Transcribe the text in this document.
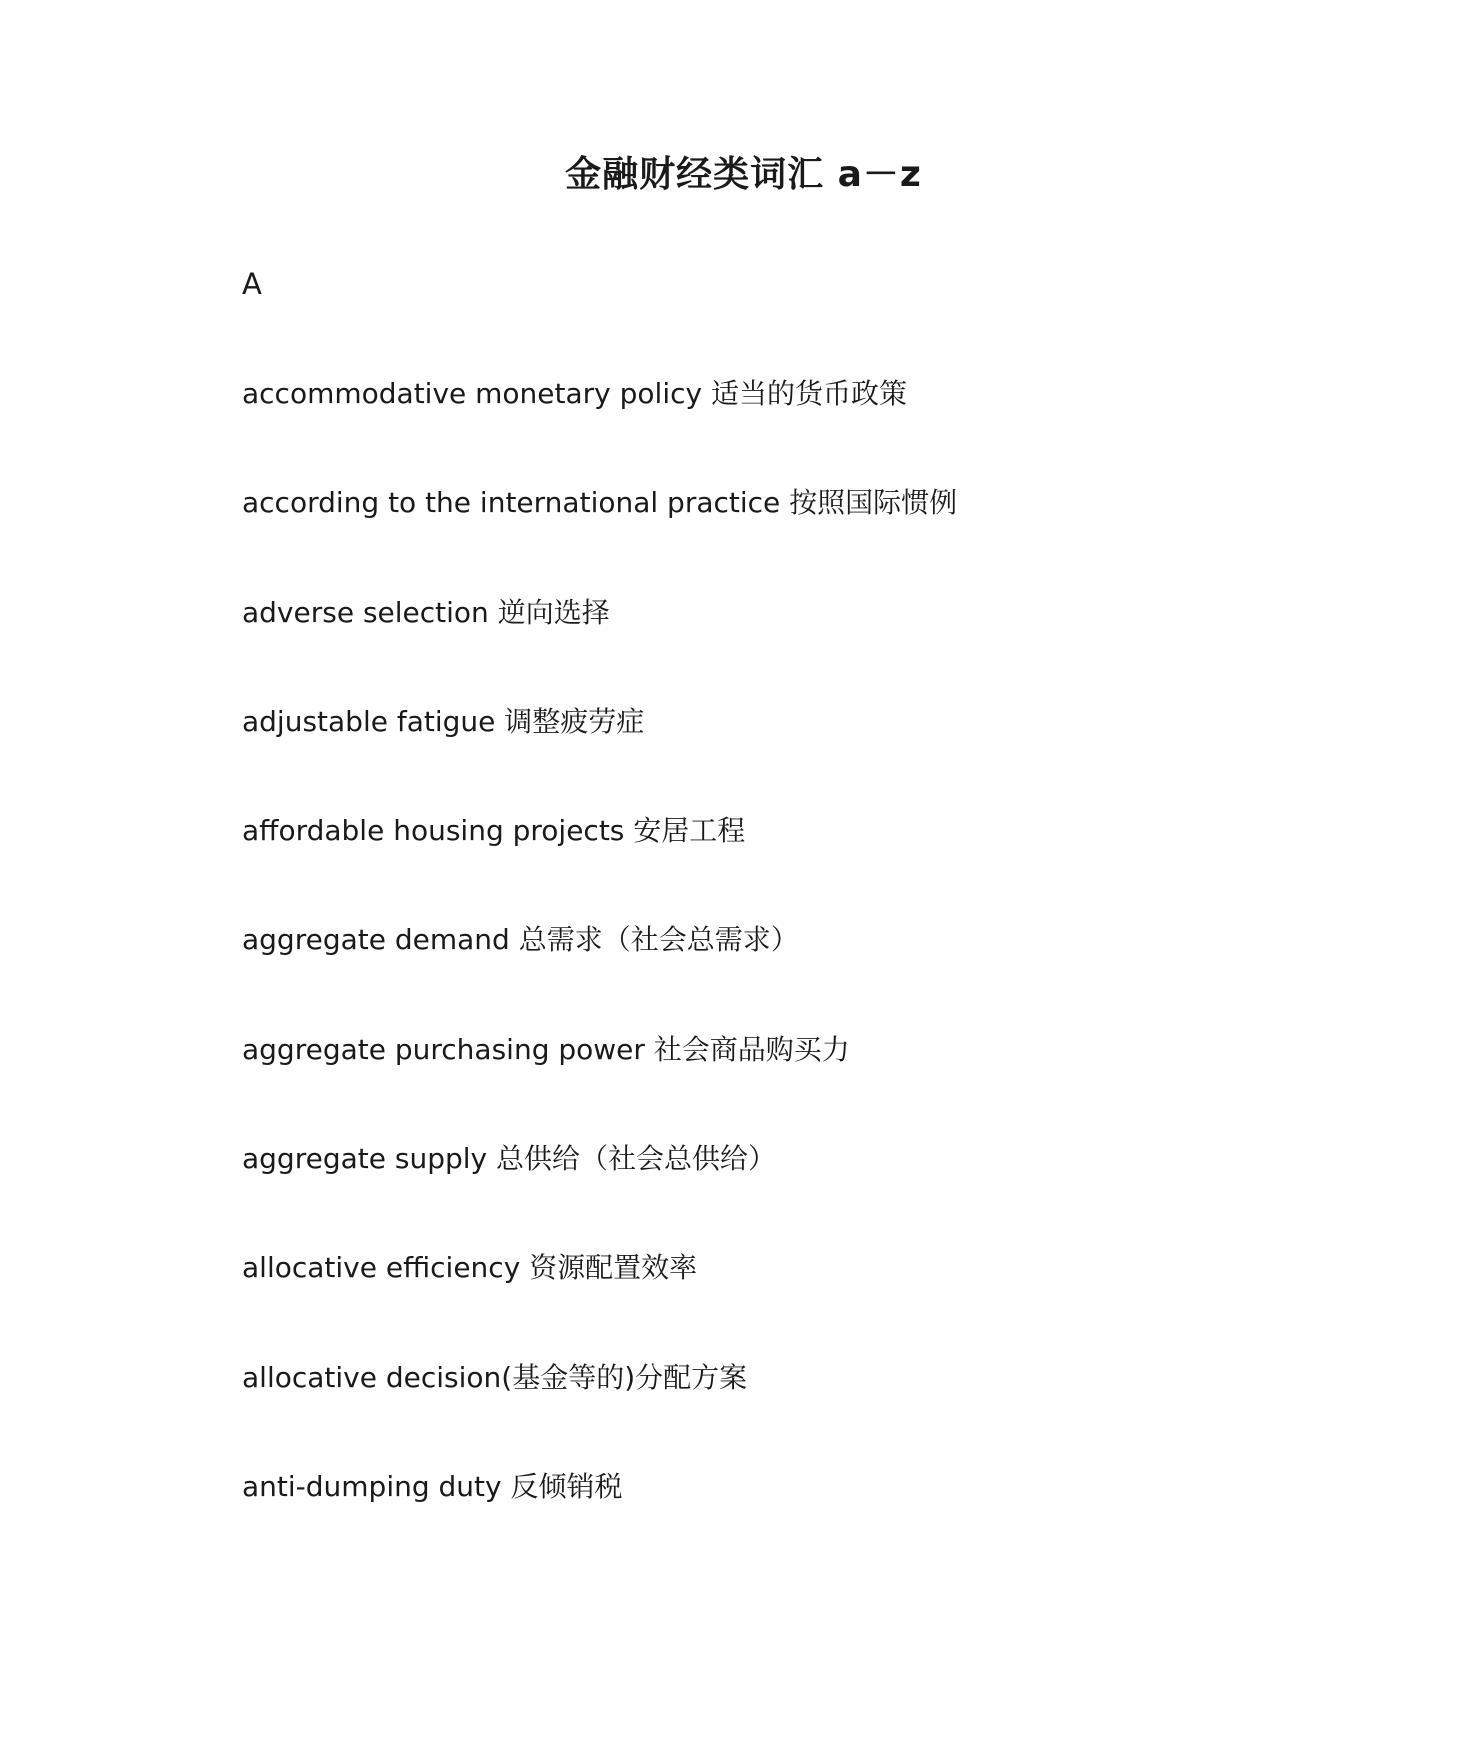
金融财经类词汇 a－z
A
accommodative monetary policy 适当的货币政策
according to the international practice 按照国际惯例
adverse selection 逆向选择
adjustable fatigue 调整疲劳症
affordable housing projects 安居工程
aggregate demand 总需求（社会总需求）
aggregate purchasing power 社会商品购买力
aggregate supply 总供给（社会总供给）
allocative efficiency 资源配置效率
allocative decision(基金等的)分配方案
anti-dumping duty 反倾销税
